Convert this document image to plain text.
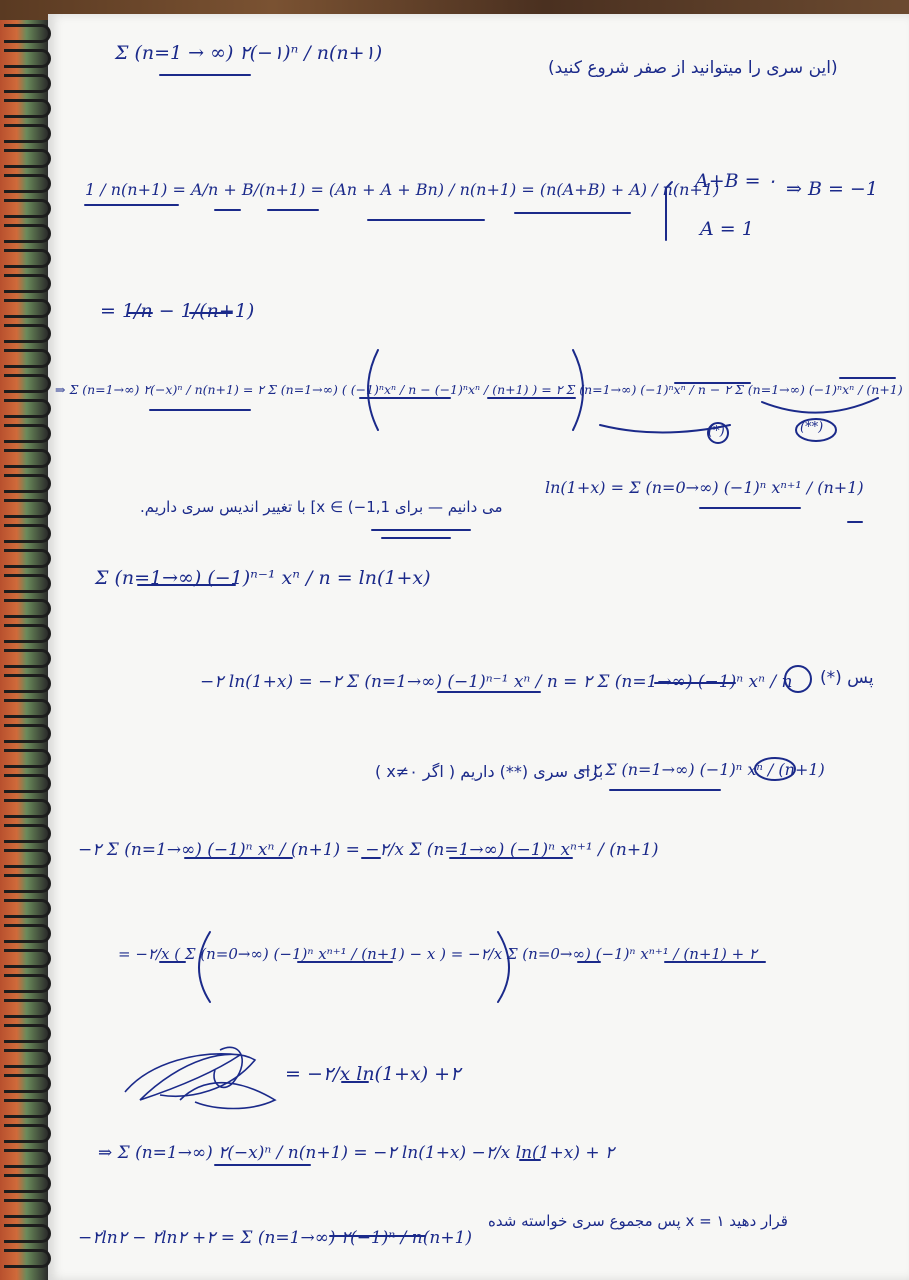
Σ (n=1 → ∞) ۲(−۱)ⁿ / n(n+۱)
(این سری را میتوانید از صفر شروع کنید)
1 / n(n+1) = A/n + B/(n+1) = (An + A + Bn) / n(n+1) = (n(A+B) + A) / n(n+1)
A+B = ۰
A = 1
⇒ B = −1
= 1/n − 1/(n+1)
⇒ Σ (n=1→∞) ۲(−x)ⁿ / n(n+1) = ۲ Σ (n=1→∞) ( (−1)ⁿxⁿ / n − (−1)ⁿxⁿ / (n+1) ) = ۲ Σ (n=1→∞) (−1)ⁿxⁿ / n − ۲ Σ (n=1→∞) (−1)ⁿxⁿ / (n+1)
(*)	(**)
می دانیم — برای x ∈ (−1,1] با تغییر اندیس سری داریم.
ln(1+x) = Σ (n=0→∞) (−1)ⁿ xⁿ⁺¹ / (n+1)
Σ (n=1→∞) (−1)ⁿ⁻¹ xⁿ / n = ln(1+x)
−۲ ln(1+x) = −۲ Σ (n=1→∞) (−1)ⁿ⁻¹ xⁿ / n = ۲ Σ (n=1→∞) (−1)ⁿ xⁿ / n پس (*)
برای سری (**) داریم ( اگر x≠۰ )
−۲ Σ (n=1→∞) (−1)ⁿ xⁿ / (n+1)
−۲ Σ (n=1→∞) (−1)ⁿ xⁿ / (n+1) = −۲/x Σ (n=1→∞) (−1)ⁿ xⁿ⁺¹ / (n+1)
= −۲/x ( Σ (n=0→∞) (−1)ⁿ xⁿ⁺¹ / (n+1) − x ) = −۲/x Σ (n=0→∞) (−1)ⁿ xⁿ⁺¹ / (n+1) + ۲
= −۲/x ln(1+x) +۲
⇒ Σ (n=1→∞) ۲(−x)ⁿ / n(n+1) = −۲ ln(1+x) −۲/x ln(1+x) + ۲
−۲ln۲ − ۲ln۲ +۲ = Σ (n=1→∞) ۲(−1)ⁿ / n(n+1)
قرار دهید ۱ = x پس مجموع سری خواسته شده
